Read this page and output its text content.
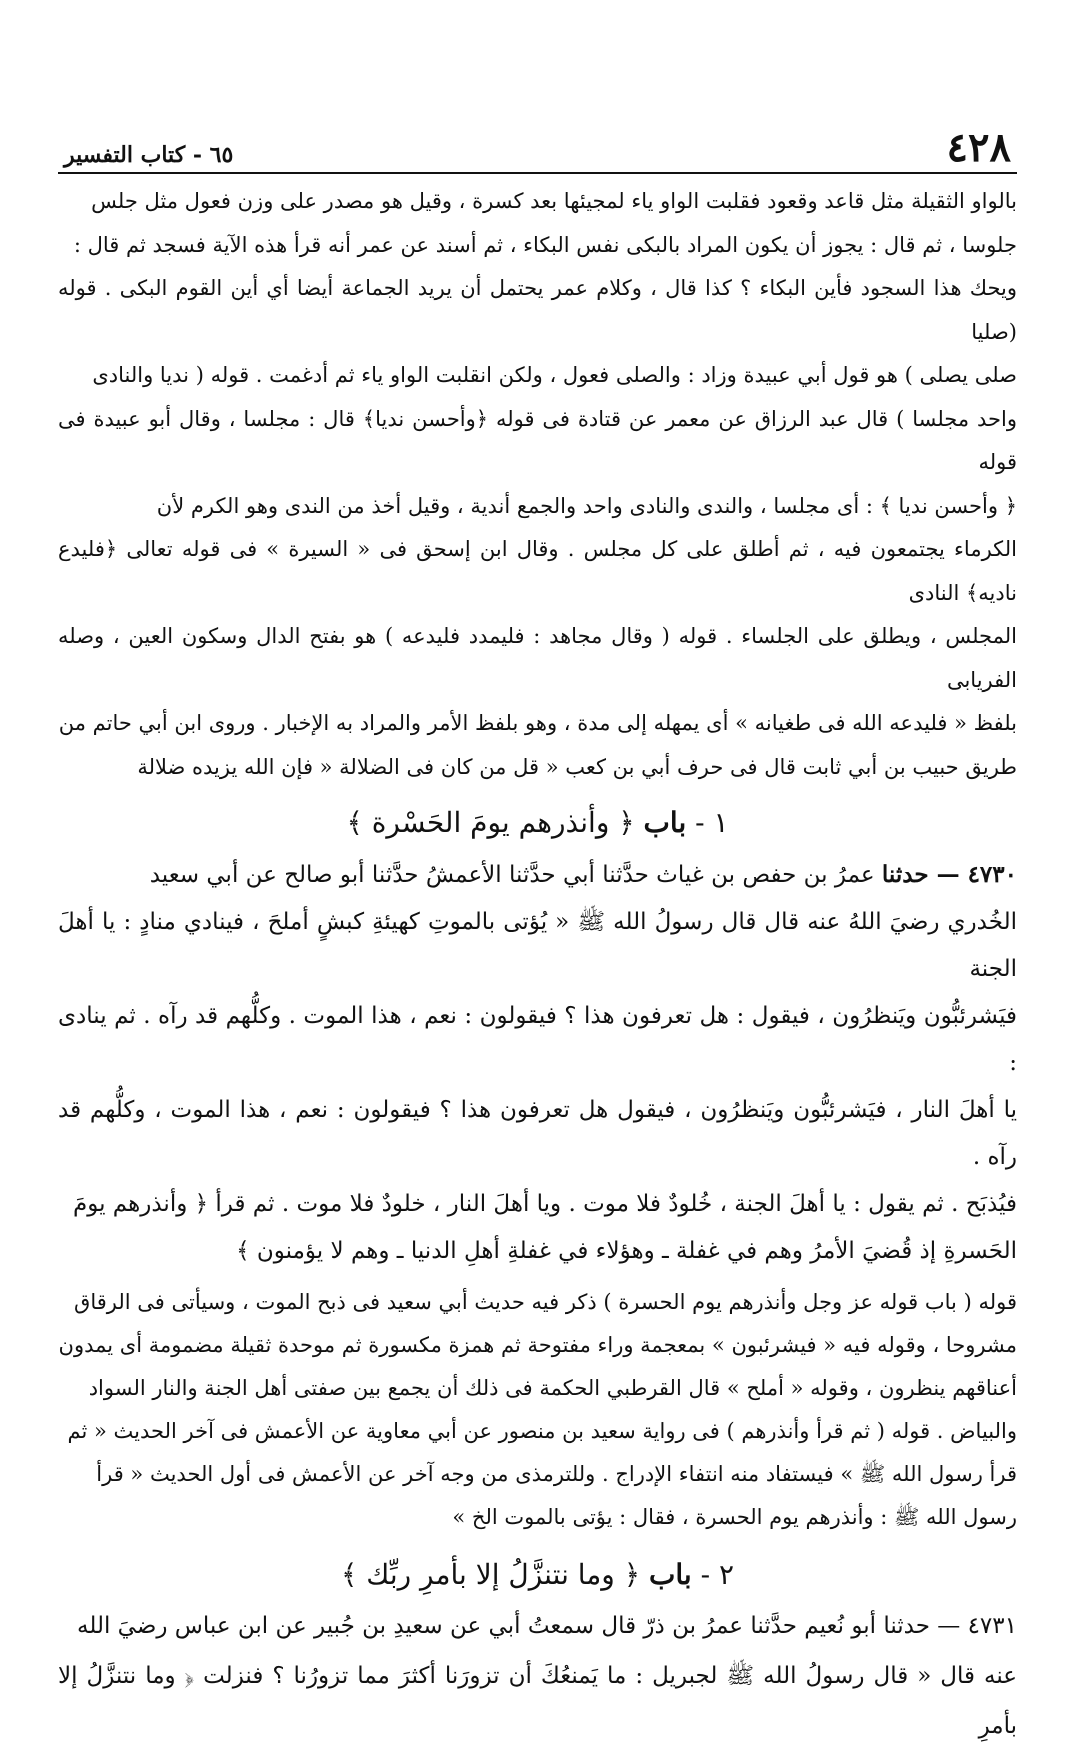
٤٢٨
٦٥ - كتاب التفسير

بالواو الثقيلة مثل قاعد وقعود فقلبت الواو ياء لمجيئها بعد كسرة ، وقيل هو مصدر على وزن فعول مثل جلس

جلوسا ، ثم قال : يجوز أن يكون المراد بالبكى نفس البكاء ، ثم أسند عن عمر أنه قرأ هذه الآية فسجد ثم قال :

ويحك هذا السجود فأين البكاء ؟ كذا قال ، وكلام عمر يحتمل أن يريد الجماعة أيضا أي أين القوم البكى . قوله (صليا

صلى يصلى ) هو قول أبي عبيدة وزاد : والصلى فعول ، ولكن انقلبت الواو ياء ثم أدغمت . قوله ( نديا والنادى

واحد مجلسا ) قال عبد الرزاق عن معمر عن قتادة فى قوله ﴿وأحسن نديا﴾ قال : مجلسا ، وقال أبو عبيدة فى قوله

﴿ وأحسن نديا ﴾ : أى مجلسا ، والندى والنادى واحد والجمع أندية ، وقيل أخذ من الندى وهو الكرم لأن

الكرماء يجتمعون فيه ، ثم أطلق على كل مجلس . وقال ابن إسحق فى « السيرة » فى قوله تعالى ﴿فليدع ناديه﴾ النادى

المجلس ، ويطلق على الجلساء . قوله ( وقال مجاهد : فليمدد فليدعه ) هو بفتح الدال وسكون العين ، وصله الفريابى

بلفظ « فليدعه الله فى طغيانه » أى يمهله إلى مدة ، وهو بلفظ الأمر والمراد به الإخبار . وروى ابن أبي حاتم من

طريق حبيب بن أبي ثابت قال فى حرف أبي بن كعب « قل من كان فى الضلالة « فإن الله يزيده ضلالة

١ - باب ﴿ وأنذرهم يومَ الحَسْرة ﴾

٤٧٣٠ — حدثنا عمرُ بن حفص بن غياث حدَّثنا أبي حدَّثنا الأعمشُ حدَّثنا أبو صالح عن أبي سعيد

الخُدري رضيَ اللهُ عنه قال قال رسولُ الله ﷺ « يُؤتى بالموتِ كهيئةِ كبشٍ أملحَ ، فينادي منادٍ : يا أهلَ الجنة

فيَشرئبُّون ويَنظرُون ، فيقول : هل تعرفون هذا ؟ فيقولون : نعم ، هذا الموت . وكلُّهم قد رآه . ثم ينادى :

يا أهلَ النار ، فيَشرئبُّون ويَنظرُون ، فيقول هل تعرفون هذا ؟ فيقولون : نعم ، هذا الموت ، وكلُّهم قد رآه .

فيُذبَح . ثم يقول : يا أهلَ الجنة ، خُلودٌ فلا موت . ويا أهلَ النار ، خلودٌ فلا موت . ثم قرأ ﴿ وأنذرهم يومَ

الحَسرةِ إذ قُضيَ الأمرُ وهم في غفلة ـ وهؤلاء في غفلةِ أهلِ الدنيا ـ وهم لا يؤمنون ﴾

قوله ( باب قوله عز وجل وأنذرهم يوم الحسرة ) ذكر فيه حديث أبي سعيد فى ذبح الموت ، وسيأتى فى الرقاق

مشروحا ، وقوله فيه « فيشرئبون » بمعجمة وراء مفتوحة ثم همزة مكسورة ثم موحدة ثقيلة مضمومة أى يمدون

أعناقهم ينظرون ، وقوله « أملح » قال القرطبي الحكمة فى ذلك أن يجمع بين صفتى أهل الجنة والنار السواد

والبياض . قوله ( ثم قرأ وأنذرهم ) فى رواية سعيد بن منصور عن أبي معاوية عن الأعمش فى آخر الحديث « ثم

قرأ رسول الله ﷺ » فيستفاد منه انتفاء الإدراج . وللترمذى من وجه آخر عن الأعمش فى أول الحديث « قرأ

رسول الله ﷺ : وأنذرهم يوم الحسرة ، فقال : يؤتى بالموت الخ »

٢ - باب ﴿ وما نتنزَّلُ إلا بأمرِ ربِّك ﴾

٤٧٣١ — حدثنا أبو نُعيم حدَّثنا عمرُ بن ذرّ قال سمعتُ أبي عن سعيدِ بن جُبير عن ابن عباس رضيَ الله

عنه قال « قال رسولُ الله ﷺ لجبريل : ما يَمنعُكَ أن تزورَنا أكثرَ مما تزورُنا ؟ فنزلت ﴿ وما نتنزَّلُ إلا بأمرِ
